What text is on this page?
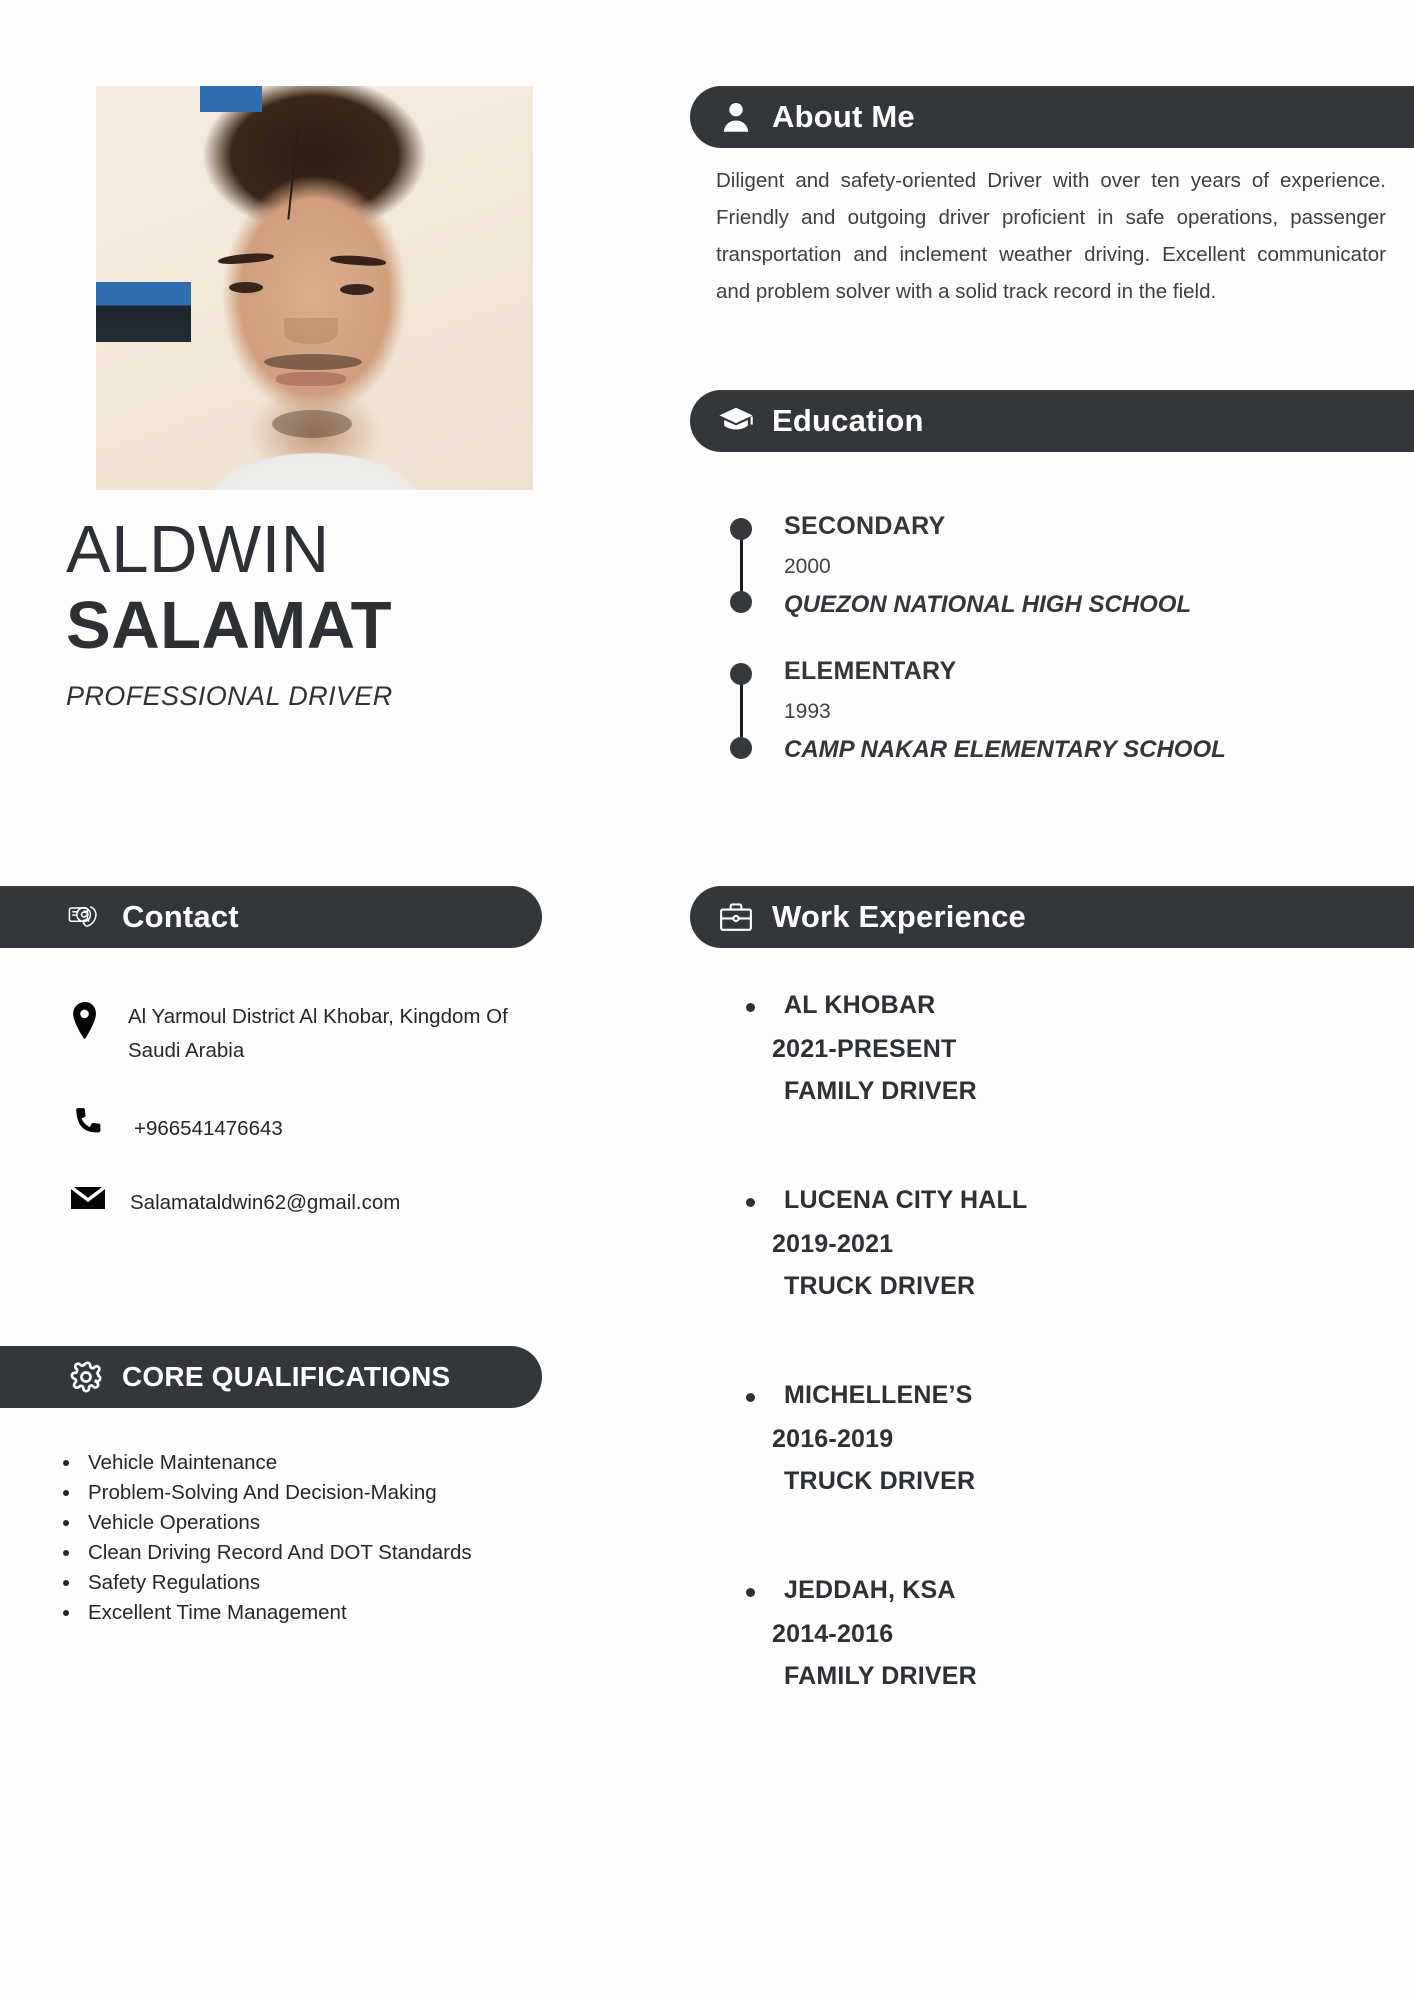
ALDWIN
SALAMAT
PROFESSIONAL DRIVER
Contact
Al Yarmoul District Al Khobar, Kingdom Of Saudi Arabia
+966541476643
Salamataldwin62@gmail.com
CORE QUALIFICATIONS
• Vehicle Maintenance
• Problem-Solving And Decision-Making
• Vehicle Operations
• Clean Driving Record And DOT Standards
• Safety Regulations
• Excellent Time Management
About Me
Diligent and safety-oriented Driver with over ten years of experience. Friendly and outgoing driver proficient in safe operations, passenger transportation and inclement weather driving. Excellent communicator and problem solver with a solid track record in the field.
Education
SECONDARY
2000
QUEZON NATIONAL HIGH SCHOOL
ELEMENTARY
1993
CAMP NAKAR ELEMENTARY SCHOOL
Work Experience
AL KHOBAR
2021-PRESENT
FAMILY DRIVER
LUCENA CITY HALL
2019-2021
TRUCK DRIVER
MICHELLENE’S
2016-2019
TRUCK DRIVER
JEDDAH, KSA
2014-2016
FAMILY DRIVER
